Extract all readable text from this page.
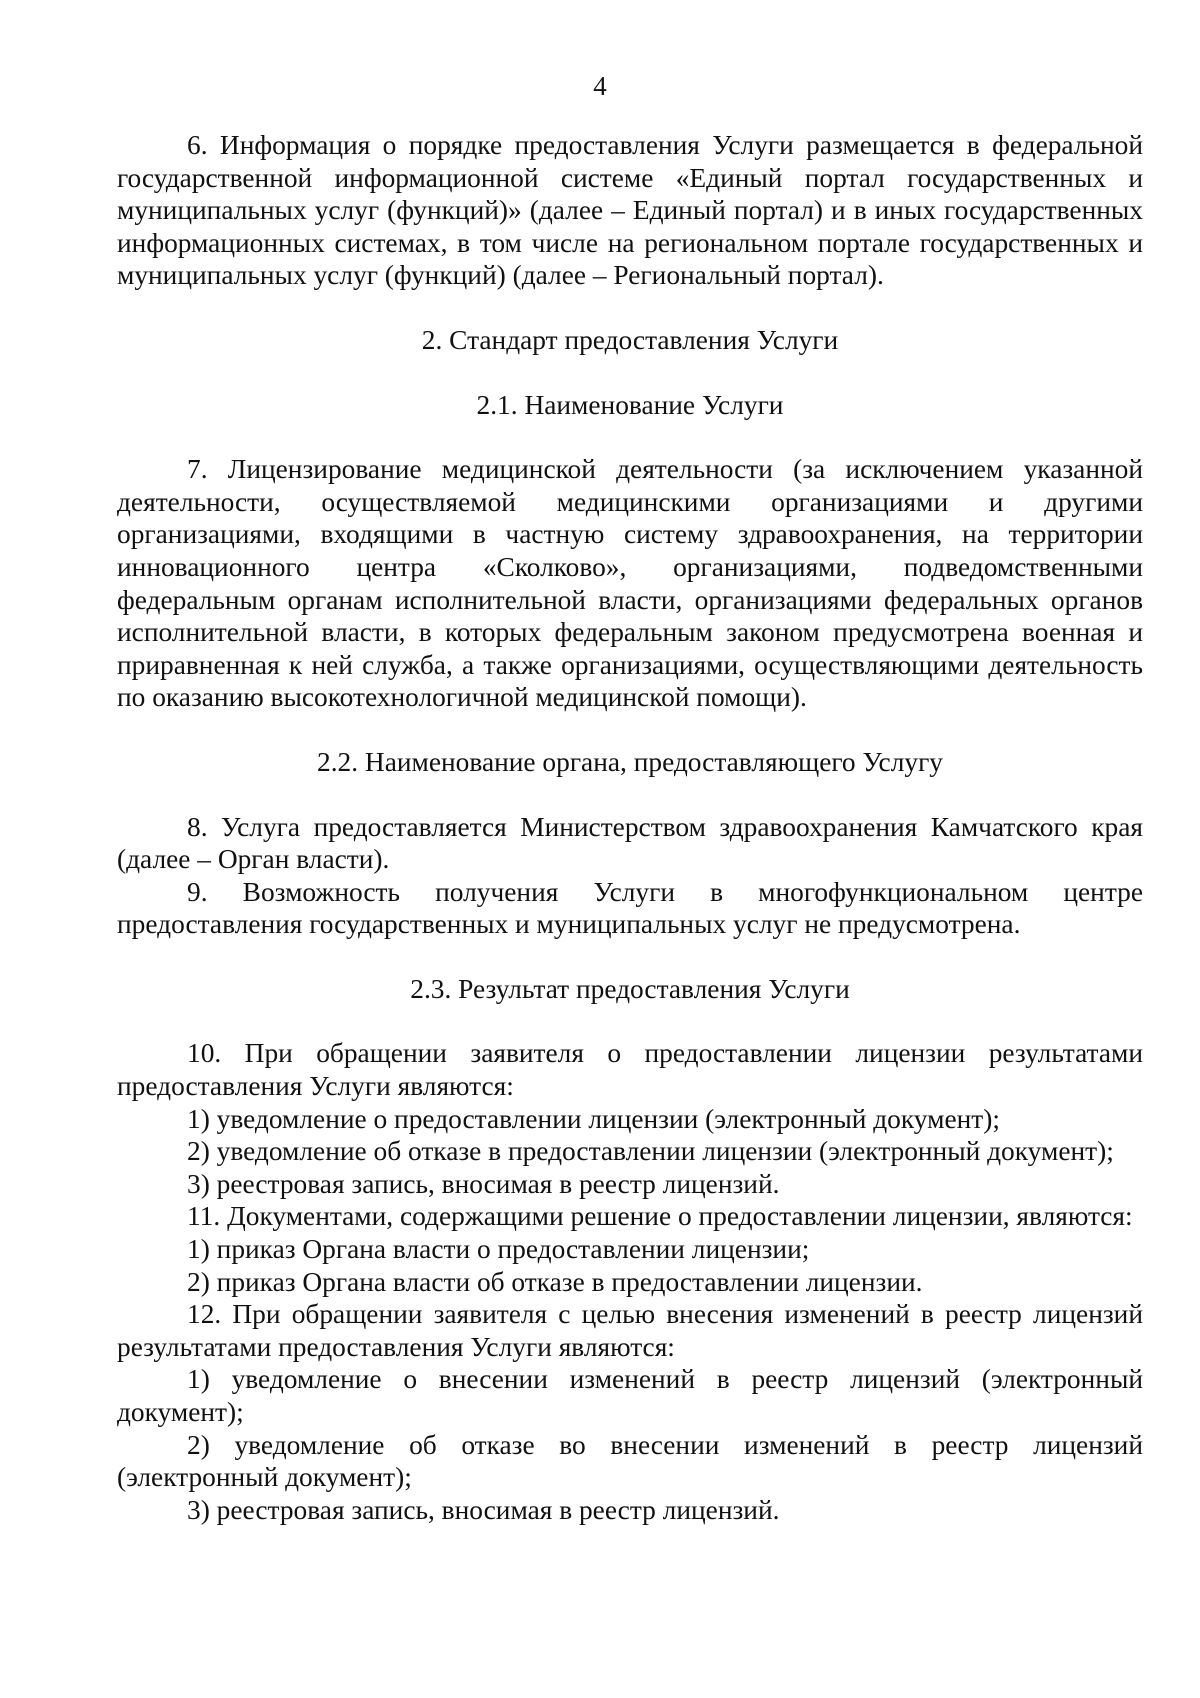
4

6. Информация о порядке предоставления Услуги размещается в федеральной государственной информационной системе «Единый портал государственных и муниципальных услуг (функций)» (далее – Единый портал) и в иных государственных информационных системах, в том числе на региональном портале государственных и муниципальных услуг (функций) (далее – Региональный портал).

2. Стандарт предоставления Услуги

2.1. Наименование Услуги

7. Лицензирование медицинской деятельности (за исключением указанной деятельности, осуществляемой медицинскими организациями и другими организациями, входящими в частную систему здравоохранения, на территории инновационного центра «Сколково», организациями, подведомственными федеральным органам исполнительной власти, организациями федеральных органов исполнительной власти, в которых федеральным законом предусмотрена военная и приравненная к ней служба, а также организациями, осуществляющими деятельность по оказанию высокотехнологичной медицинской помощи).

2.2. Наименование органа, предоставляющего Услугу

8. Услуга предоставляется Министерством здравоохранения Камчатского края (далее – Орган власти).

9. Возможность получения Услуги в многофункциональном центре предоставления государственных и муниципальных услуг не предусмотрена.

2.3. Результат предоставления Услуги

10. При обращении заявителя о предоставлении лицензии результатами предоставления Услуги являются:

1) уведомление о предоставлении лицензии (электронный документ);

2) уведомление об отказе в предоставлении лицензии (электронный документ);

3) реестровая запись, вносимая в реестр лицензий.

11. Документами, содержащими решение о предоставлении лицензии, являются:

1) приказ Органа власти о предоставлении лицензии;

2) приказ Органа власти об отказе в предоставлении лицензии.

12. При обращении заявителя с целью внесения изменений в реестр лицензий результатами предоставления Услуги являются:

1) уведомление о внесении изменений в реестр лицензий (электронный документ);

2) уведомление об отказе во внесении изменений в реестр лицензий (электронный документ);

3) реестровая запись, вносимая в реестр лицензий.
